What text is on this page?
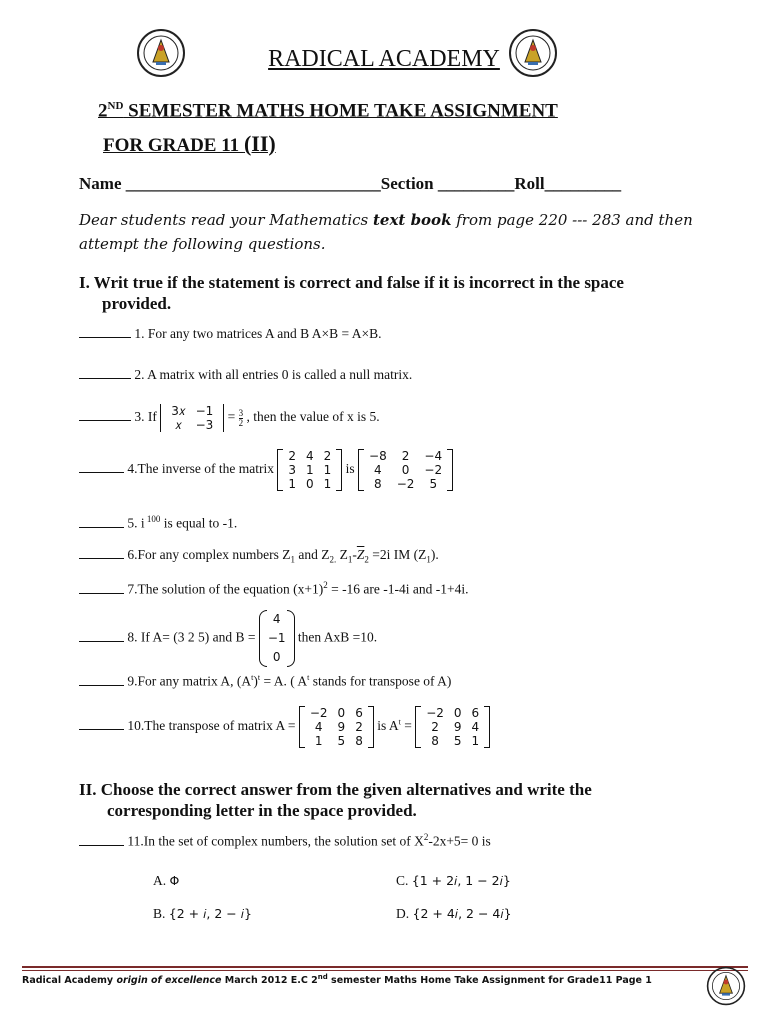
RADICAL ACADEMY
2ND SEMESTER MATHS HOME TAKE ASSIGNMENT
FOR GRADE 11 (II)
Name ______________________________Section _________Roll_________
Dear students read your Mathematics text book from page 220 --- 283 and then attempt the following questions.
I. Writ true if the statement is correct and false if it is incorrect in the space
provided.
1. For any two matrices A and B A×B = A×B.
2. A matrix with all entries 0 is called a null matrix.
3. If 3𝑥	−1
𝑥	−3
= $\frac{3}{2}$ , then the value of x is 5.
4.The inverse of the matrix
2	4	2
3	1	1
1	0	1
is
−8	2	−4
4	0	−2
8	−2	5
5. i $^{100}$ is equal to -1.
6.For any complex numbers $Z_1$ and $Z_{2.}$ $Z_1-\overline{Z}_2 =2i$ IM $(Z_1)$.
7.The solution of the equation $(x+1)^2 = -16$ are -1-4i and -1+4i.
8. If A= (3 2 5) and B =
4
−1
0
then AxB =10.
9.For any matrix A, $(A^t)^t = A$. ( $A^t$ stands for transpose of A)
10.The transpose of matrix A =
−2	0	6
4	9	2
1	5	8
is $A^t$ =
−2	0	6
2	9	4
8	5	1
II. Choose the correct answer from the given alternatives and write the
corresponding letter in the space provided.
11.In the set of complex numbers, the solution set of $X^2-2x+5= 0$ is
A. Φ	C. {1 + 2𝑖, 1 − 2𝑖}
B. {2 + 𝑖, 2 − 𝑖}	D. {2 + 4𝑖, 2 − 4𝑖}
Radical Academy origin of excellence March 2012 E.C 2nd semester Maths Home Take Assignment for Grade11 Page 1
